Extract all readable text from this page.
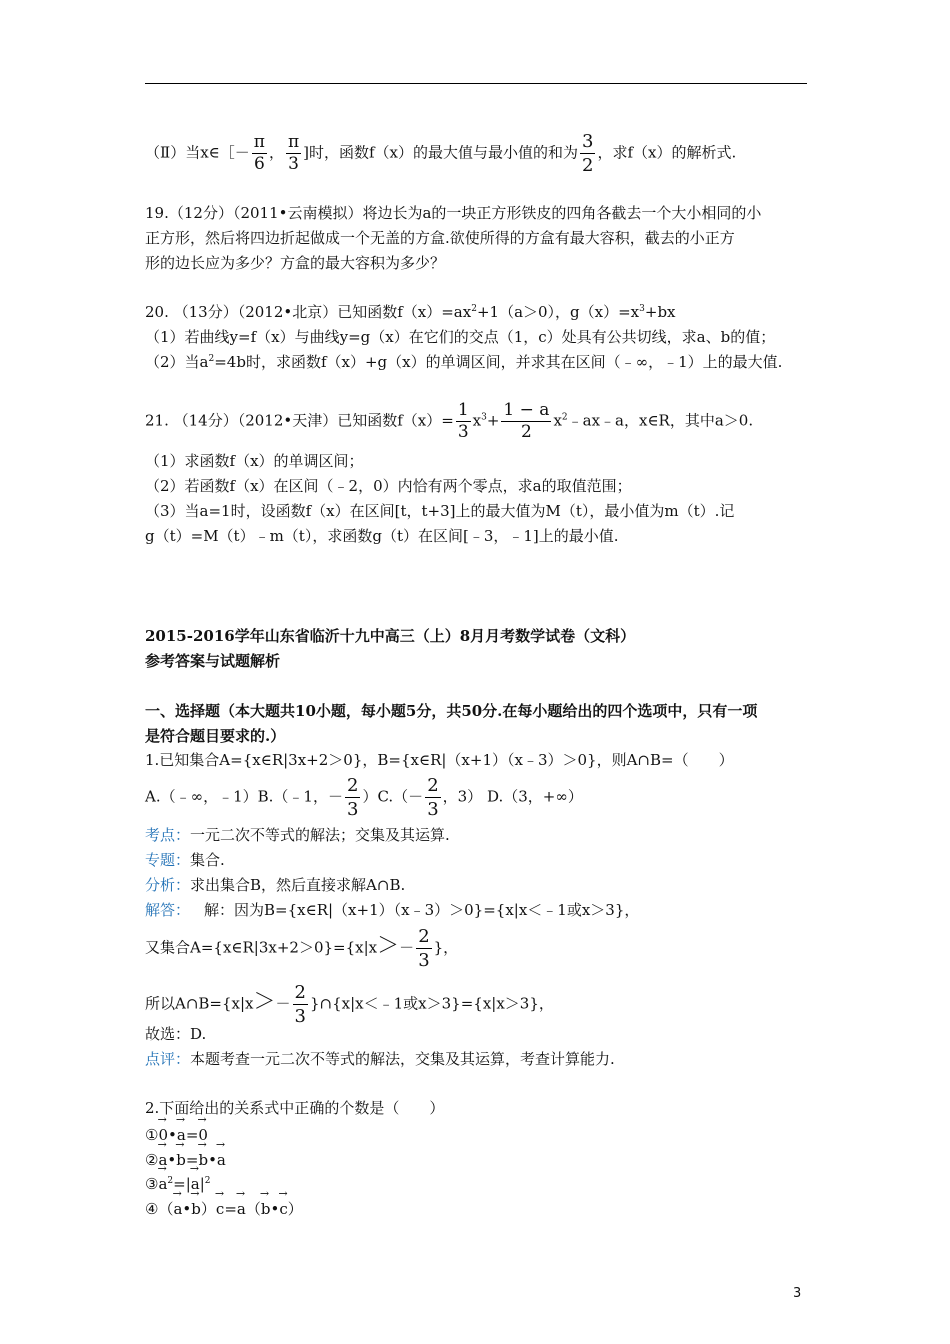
（Ⅱ）当x∈［－ $\frac{\pi}{6}$ ， $\frac{\pi}{3}$ ]时，函数f（x）的最大值与最小值的和为 $\frac{3}{2}$ ，求f（x）的解析式.
19.（12分）（2011•云南模拟）将边长为a的一块正方形铁皮的四角各截去一个大小相同的小
正方形，然后将四边折起做成一个无盖的方盒.欲使所得的方盒有最大容积，截去的小正方
形的边长应为多少？方盒的最大容积为多少？
20. （13分）（2012•北京）已知函数$f(x)=ax^2+1(a>0)$，$g(x)=x^3+bx$
（1）若曲线y=f（x）与曲线y=g（x）在它们的交点（1，c）处具有公共切线，求a、b的值；
（2）当$a^2=4b$时，求函数f（x）+g（x）的单调区间，并求其在区间（﹣∞，﹣1）上的最大值.
21. （14分）（2012•天津）已知函数$f(x)= \frac{1}{3} x^3+ \frac{1 - a}{2}$ $x^2﹣ax﹣a$，x∈R，其中a＞0.
（1）求函数f（x）的单调区间；
（2）若函数f（x）在区间（﹣2，0）内恰有两个零点，求a的取值范围；
（3）当a=1时，设函数f（x）在区间[t，t+3]上的最大值为M（t），最小值为m（t）.记
g（t）=M（t）﹣m（t），求函数g（t）在区间[﹣3，﹣1]上的最小值.
2015-2016学年山东省临沂十九中高三（上）8月月考数学试卷（文科）
参考答案与试题解析
一、选择题（本大题共10小题，每小题5分，共50分.在每小题给出的四个选项中，只有一项
是符合题目要求的.）
1.已知集合A={x∈R|3x+2＞0}，B={x∈R|（x+1）（x﹣3）＞0}，则A∩B=（　　）
A.（﹣∞，﹣1）B.（﹣1，－ $\frac{2}{3} )C.(- \frac{2}{3}$ ，3） D.（3，+∞）
考点：一元二次不等式的解法；交集及其运算.
专题：集合.
分析：求出集合B，然后直接求解A∩B.
解答： 解：因为B={x∈R|（x+1）（x﹣3）＞0}={x|x＜﹣1或x＞3}，
又集合A={x∈R|3x+2＞0}={x|x＞－ $\frac{2}{3}$ }，
所以A∩B={x|x＞－ $\frac{2}{3}$ }∩{x|x＜﹣1或x＞3}={x|x＞3}，
故选：D.
点评：本题考查一元二次不等式的解法，交集及其运算，考查计算能力.
2.下面给出的关系式中正确的个数是（　　）
①→ 0•→ a=→ 0
②→ a•→ b=→ b•→ a
③→ $a^2=|\to a|^2$
④（→ a•→ b）→ c=→ a（→ b•→ c）
3
